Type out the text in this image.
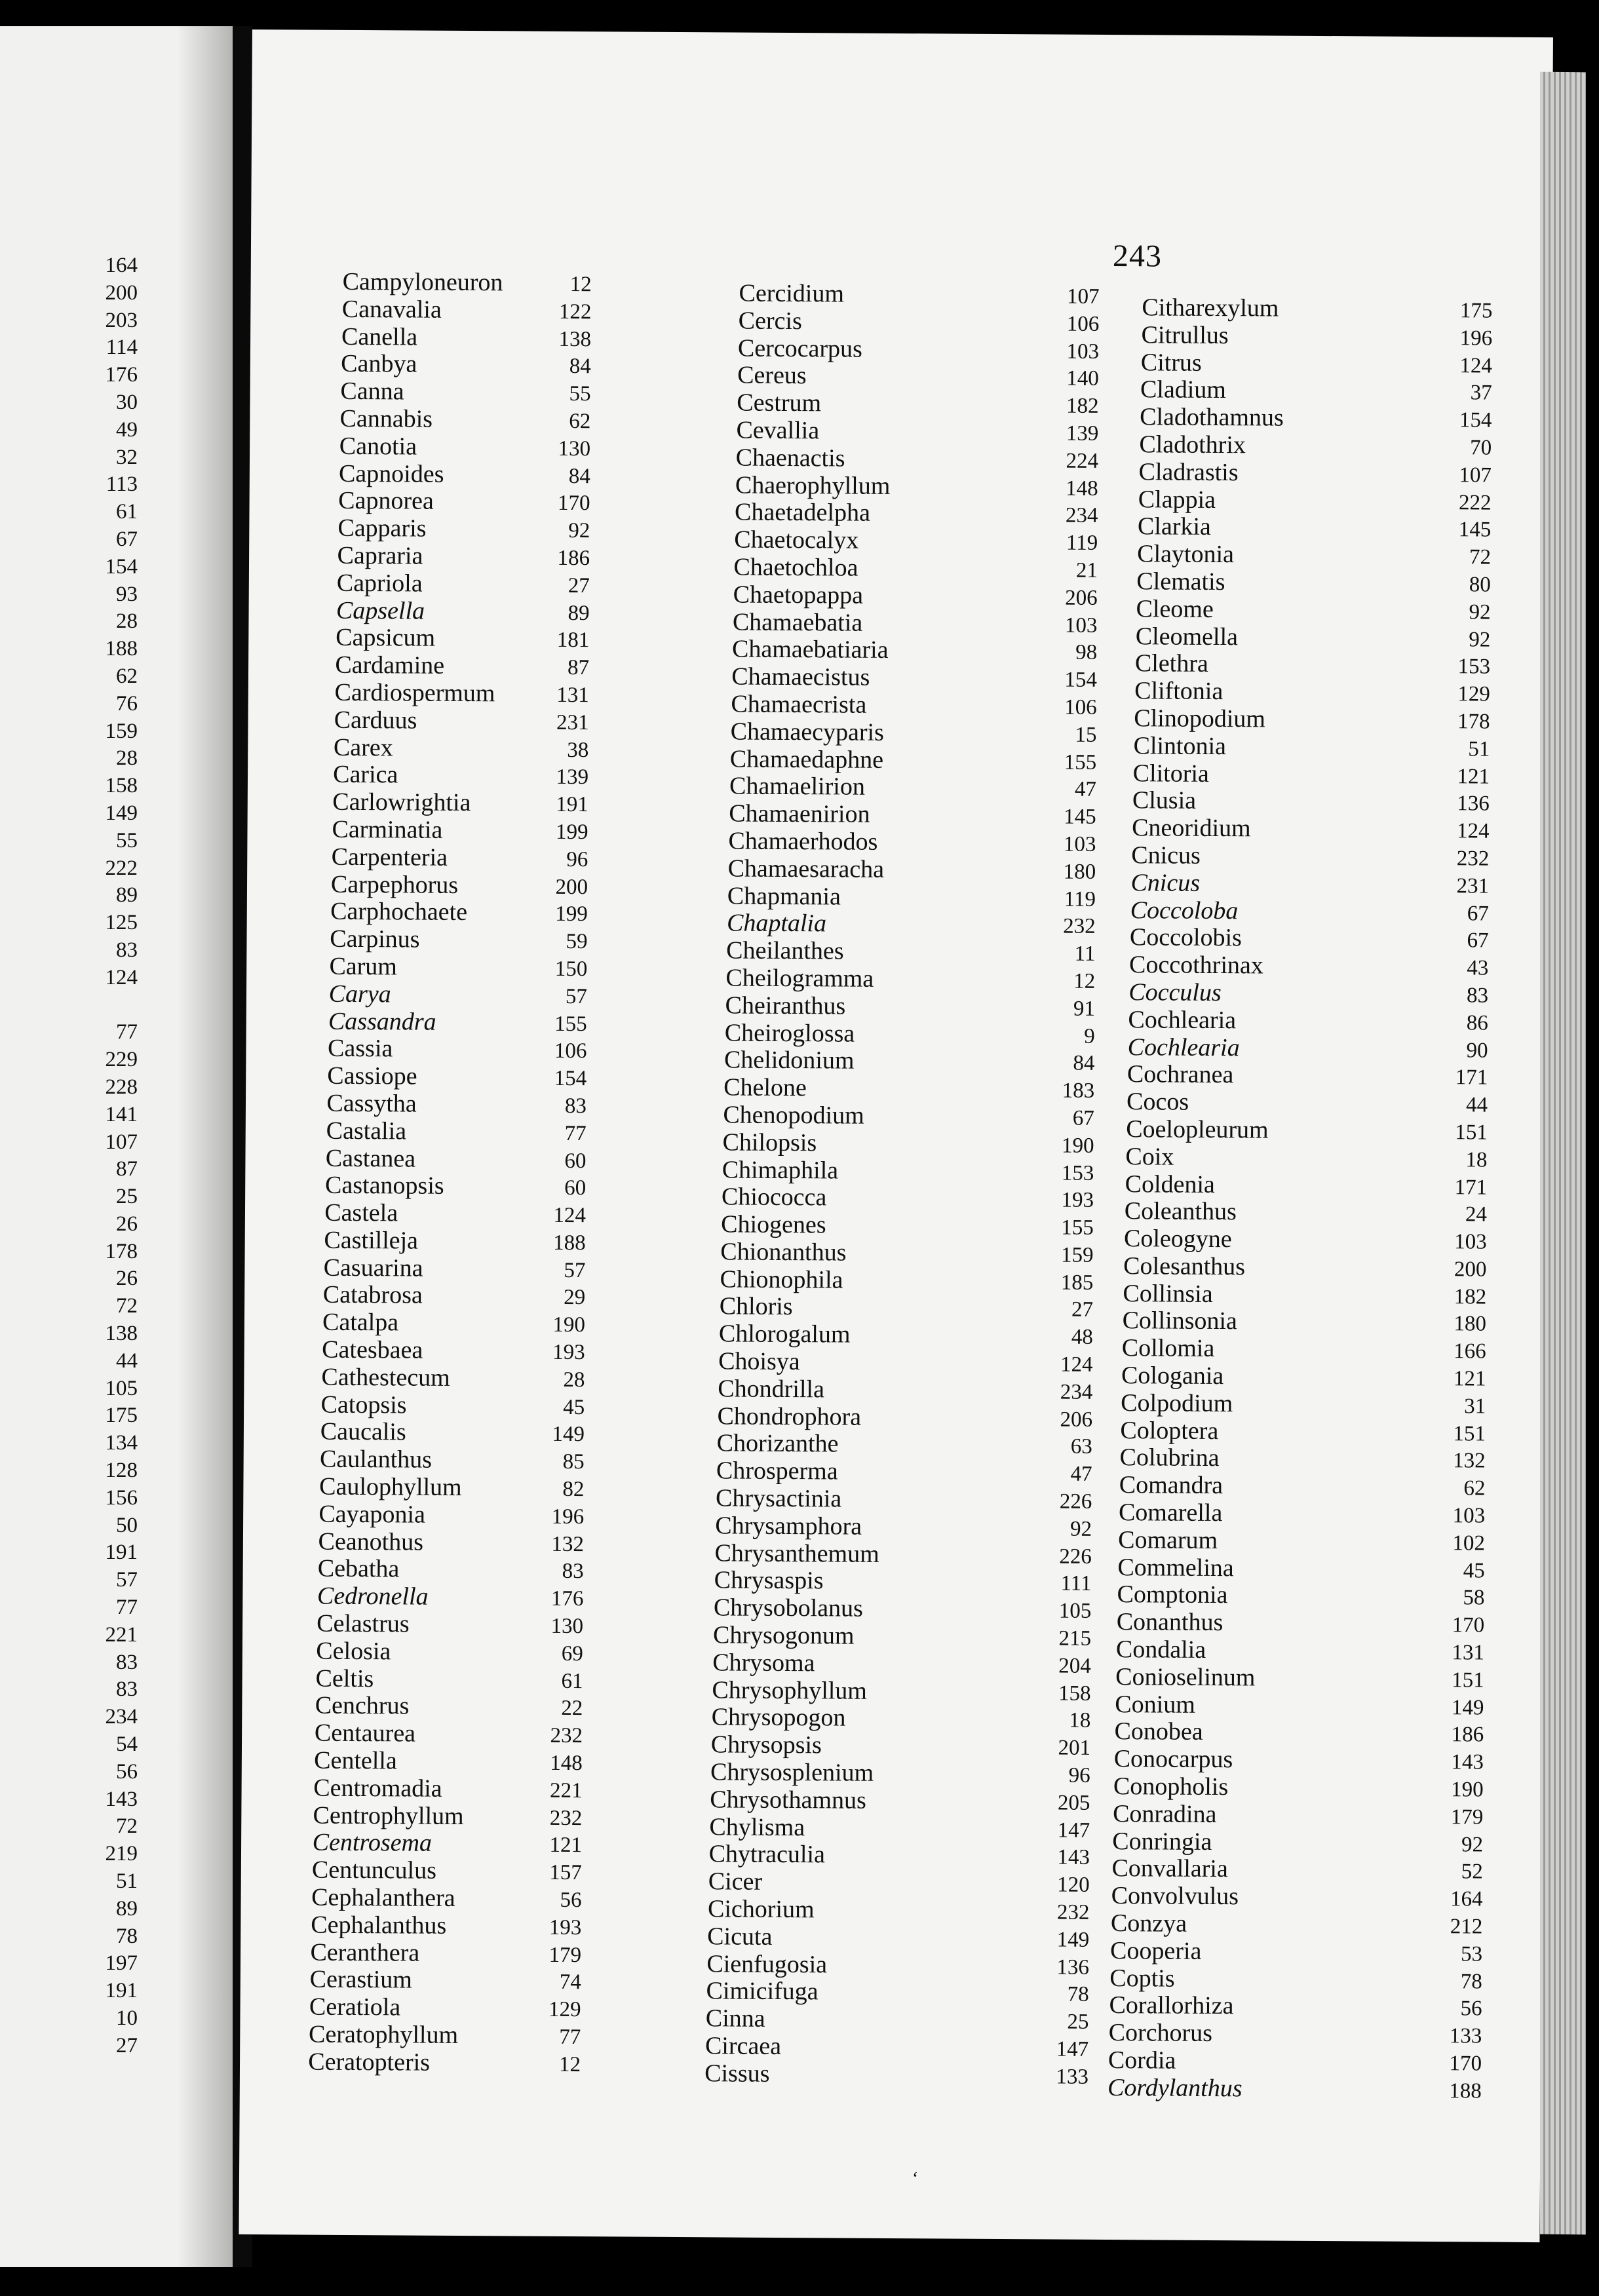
164
200
203
114
176
30
49
32
113
61
67
154
93
28
188
62
76
159
28
158
149
55
222
89
125
83
124
77
229
228
141
107
87
25
26
178
26
72
138
44
105
175
134
128
156
50
191
57
77
221
83
83
234
54
56
143
72
219
51
89
78
197
191
10
27
243
Campyloneuron	12
Canavalia	122
Canella	138
Canbya	84
Canna	55
Cannabis	62
Canotia	130
Capnoides	84
Capnorea	170
Capparis	92
Capraria	186
Capriola	27
Capsella	89
Capsicum	181
Cardamine	87
Cardiospermum	131
Carduus	231
Carex	38
Carica	139
Carlowrightia	191
Carminatia	199
Carpenteria	96
Carpephorus	200
Carphochaete	199
Carpinus	59
Carum	150
Carya	57
Cassandra	155
Cassia	106
Cassiope	154
Cassytha	83
Castalia	77
Castanea	60
Castanopsis	60
Castela	124
Castilleja	188
Casuarina	57
Catabrosa	29
Catalpa	190
Catesbaea	193
Cathestecum	28
Catopsis	45
Caucalis	149
Caulanthus	85
Caulophyllum	82
Cayaponia	196
Ceanothus	132
Cebatha	83
Cedronella	176
Celastrus	130
Celosia	69
Celtis	61
Cenchrus	22
Centaurea	232
Centella	148
Centromadia	221
Centrophyllum	232
Centrosema	121
Centunculus	157
Cephalanthera	56
Cephalanthus	193
Ceranthera	179
Cerastium	74
Ceratiola	129
Ceratophyllum	77
Ceratopteris	12
Cercidium	107
Cercis	106
Cercocarpus	103
Cereus	140
Cestrum	182
Cevallia	139
Chaenactis	224
Chaerophyllum	148
Chaetadelpha	234
Chaetocalyx	119
Chaetochloa	21
Chaetopappa	206
Chamaebatia	103
Chamaebatiaria	98
Chamaecistus	154
Chamaecrista	106
Chamaecyparis	15
Chamaedaphne	155
Chamaelirion	47
Chamaenirion	145
Chamaerhodos	103
Chamaesaracha	180
Chapmania	119
Chaptalia	232
Cheilanthes	11
Cheilogramma	12
Cheiranthus	91
Cheiroglossa	9
Chelidonium	84
Chelone	183
Chenopodium	67
Chilopsis	190
Chimaphila	153
Chiococca	193
Chiogenes	155
Chionanthus	159
Chionophila	185
Chloris	27
Chlorogalum	48
Choisya	124
Chondrilla	234
Chondrophora	206
Chorizanthe	63
Chrosperma	47
Chrysactinia	226
Chrysamphora	92
Chrysanthemum	226
Chrysaspis	111
Chrysobolanus	105
Chrysogonum	215
Chrysoma	204
Chrysophyllum	158
Chrysopogon	18
Chrysopsis	201
Chrysosplenium	96
Chrysothamnus	205
Chylisma	147
Chytraculia	143
Cicer	120
Cichorium	232
Cicuta	149
Cienfugosia	136
Cimicifuga	78
Cinna	25
Circaea	147
Cissus	133
Citharexylum	175
Citrullus	196
Citrus	124
Cladium	37
Cladothamnus	154
Cladothrix	70
Cladrastis	107
Clappia	222
Clarkia	145
Claytonia	72
Clematis	80
Cleome	92
Cleomella	92
Clethra	153
Cliftonia	129
Clinopodium	178
Clintonia	51
Clitoria	121
Clusia	136
Cneoridium	124
Cnicus	232
Cnicus	231
Coccoloba	67
Coccolobis	67
Coccothrinax	43
Cocculus	83
Cochlearia	86
Cochlearia	90
Cochranea	171
Cocos	44
Coelopleurum	151
Coix	18
Coldenia	171
Coleanthus	24
Coleogyne	103
Colesanthus	200
Collinsia	182
Collinsonia	180
Collomia	166
Cologania	121
Colpodium	31
Coloptera	151
Colubrina	132
Comandra	62
Comarella	103
Comarum	102
Commelina	45
Comptonia	58
Conanthus	170
Condalia	131
Conioselinum	151
Conium	149
Conobea	186
Conocarpus	143
Conopholis	190
Conradina	179
Conringia	92
Convallaria	52
Convolvulus	164
Conzya	212
Cooperia	53
Coptis	78
Corallorhiza	56
Corchorus	133
Cordia	170
Cordylanthus	188
‘
